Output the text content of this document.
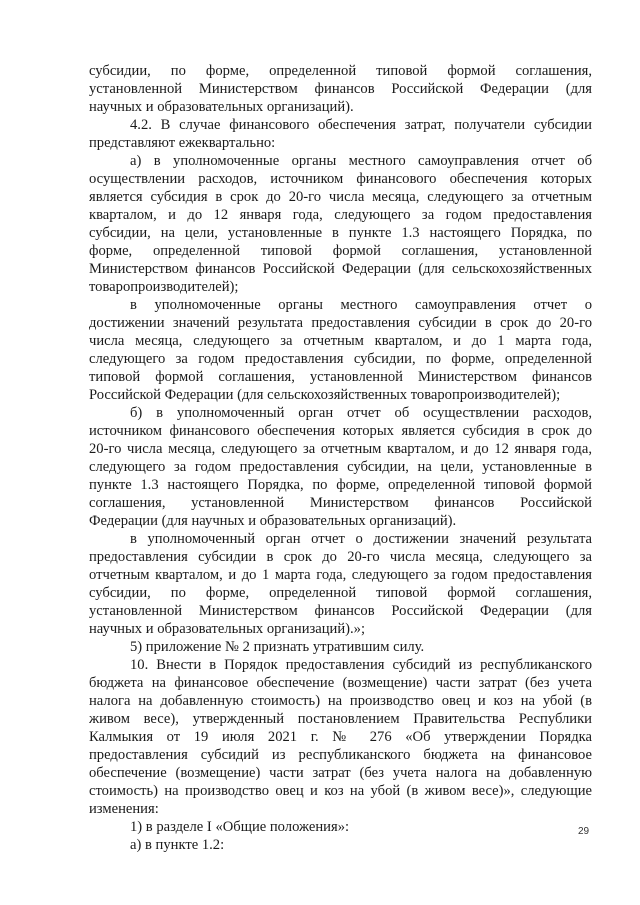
субсидии, по форме, определенной типовой формой соглашения,
установленной Министерством финансов Российской Федерации (для
научных и образовательных организаций).
4.2. В случае финансового обеспечения затрат, получатели субсидии
представляют ежеквартально:
а) в уполномоченные органы местного самоуправления отчет об
осуществлении расходов, источником финансового обеспечения которых
является субсидия в срок до 20-го числа месяца, следующего за отчетным
кварталом, и до 12 января года, следующего за годом предоставления
субсидии, на цели, установленные в пункте 1.3 настоящего Порядка, по
форме, определенной типовой формой соглашения, установленной
Министерством финансов Российской Федерации (для сельскохозяйственных
товаропроизводителей);
в уполномоченные органы местного самоуправления отчет о
достижении значений результата предоставления субсидии в срок до 20-го
числа месяца, следующего за отчетным кварталом, и до 1 марта года,
следующего за годом предоставления субсидии, по форме, определенной
типовой формой соглашения, установленной Министерством финансов
Российской Федерации (для сельскохозяйственных товаропроизводителей);
б) в уполномоченный орган отчет об осуществлении расходов,
источником финансового обеспечения которых является субсидия в срок до
20-го числа месяца, следующего за отчетным кварталом, и до 12 января года,
следующего за годом предоставления субсидии, на цели, установленные в
пункте 1.3 настоящего Порядка, по форме, определенной типовой формой
соглашения, установленной Министерством финансов Российской
Федерации (для научных и образовательных организаций).
в уполномоченный орган отчет о достижении значений результата
предоставления субсидии в срок до 20-го числа месяца, следующего за
отчетным кварталом, и до 1 марта года, следующего за годом предоставления
субсидии, по форме, определенной типовой формой соглашения,
установленной Министерством финансов Российской Федерации (для
научных и образовательных организаций).»;
5) приложение № 2 признать утратившим силу.
10. Внести в Порядок предоставления субсидий из республиканского
бюджета на финансовое обеспечение (возмещение) части затрат (без учета
налога на добавленную стоимость) на производство овец и коз на убой (в
живом весе), утвержденный постановлением Правительства Республики
Калмыкия от 19 июля 2021 г. № 276 «Об утверждении Порядка
предоставления субсидий из республиканского бюджета на финансовое
обеспечение (возмещение) части затрат (без учета налога на добавленную
стоимость) на производство овец и коз на убой (в живом весе)», следующие
изменения:
1) в разделе I «Общие положения»:
а) в пункте 1.2:
29
